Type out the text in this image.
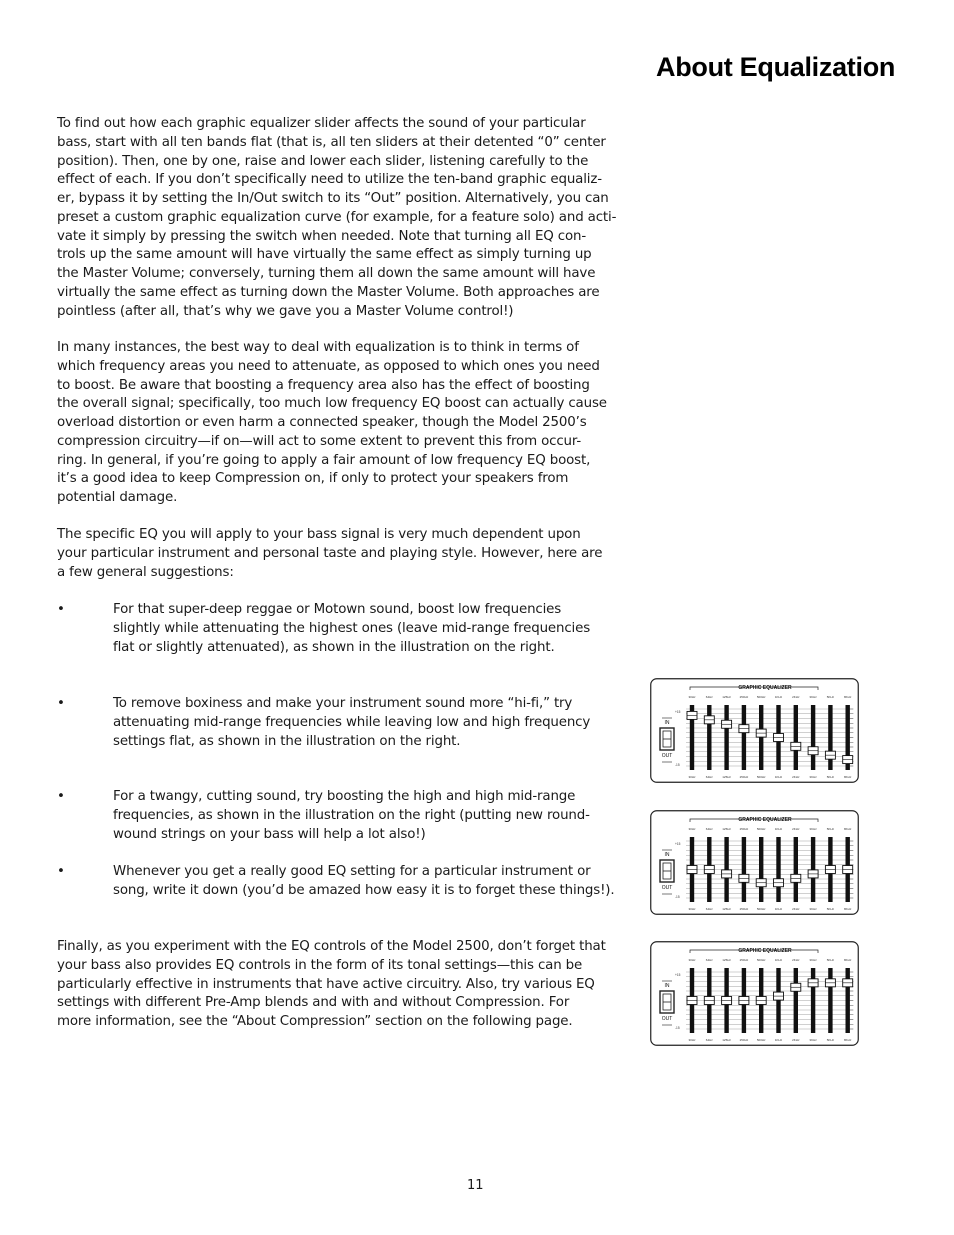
About Equalization
To find out how each graphic equalizer slider affects the sound of your particular
bass, start with all ten bands flat (that is, all ten sliders at their detented “0” center
position). Then, one by one, raise and lower each slider, listening carefully to the
effect of each. If you don’t specifically need to utilize the ten-band graphic equaliz-
er, bypass it by setting the In/Out switch to its “Out” position. Alternatively, you can
preset a custom graphic equalization curve (for example, for a feature solo) and acti-
vate it simply by pressing the switch when needed. Note that turning all EQ con-
trols up the same amount will have virtually the same effect as simply turning up
the Master Volume; conversely, turning them all down the same amount will have
virtually the same effect as turning down the Master Volume. Both approaches are
pointless (after all, that’s why we gave you a Master Volume control!)
In many instances, the best way to deal with equalization is to think in terms of
which frequency areas you need to attenuate, as opposed to which ones you need
to boost. Be aware that boosting a frequency area also has the effect of boosting
the overall signal; specifically, too much low frequency EQ boost can actually cause
overload distortion or even harm a connected speaker, though the Model 2500’s
compression circuitry—if on—will act to some extent to prevent this from occur-
ring. In general, if you’re going to apply a fair amount of low frequency EQ boost,
it’s a good idea to keep Compression on, if only to protect your speakers from
potential damage.
The specific EQ you will apply to your bass signal is very much dependent upon
your particular instrument and personal taste and playing style. However, here are
a few general suggestions:
•	For that super-deep reggae or Motown sound, boost low frequencies
slightly while attenuating the highest ones (leave mid-range frequencies
flat or slightly attenuated), as shown in the illustration on the right.
•	To remove boxiness and make your instrument sound more “hi-fi,” try
attenuating mid-range frequencies while leaving low and high frequency
settings flat, as shown in the illustration on the right.
•	For a twangy, cutting sound, try boosting the high and high mid-range
frequencies, as shown in the illustration on the right (putting new round-
wound strings on your bass will help a lot also!)
•	Whenever you get a really good EQ setting for a particular instrument or
song, write it down (you’d be amazed how easy it is to forget these things!).
Finally, as you experiment with the EQ controls of the Model 2500, don’t forget that
your bass also provides EQ controls in the form of its tonal settings—this can be
particularly effective in instruments that have active circuitry. Also, try various EQ
settings with different Pre-Amp blends and with and without Compression. For
more information, see the “About Compression” section on the following page.
GRAPHIC EQUALIZER
+15
-15
IN
OUT
30Hz
30Hz
64Hz
64Hz
125Hz
125Hz
250Hz
250Hz
500Hz
500Hz
1KHz
1KHz
2KHz
2KHz
3KHz
3KHz
5KHz
5KHz
8KHz
8KHz
GRAPHIC EQUALIZER
+15
-15
IN
OUT
30Hz
30Hz
64Hz
64Hz
125Hz
125Hz
250Hz
250Hz
500Hz
500Hz
1KHz
1KHz
2KHz
2KHz
3KHz
3KHz
5KHz
5KHz
8KHz
8KHz
GRAPHIC EQUALIZER
+15
-15
IN
OUT
30Hz
30Hz
64Hz
64Hz
125Hz
125Hz
250Hz
250Hz
500Hz
500Hz
1KHz
1KHz
2KHz
2KHz
3KHz
3KHz
5KHz
5KHz
8KHz
8KHz
11
